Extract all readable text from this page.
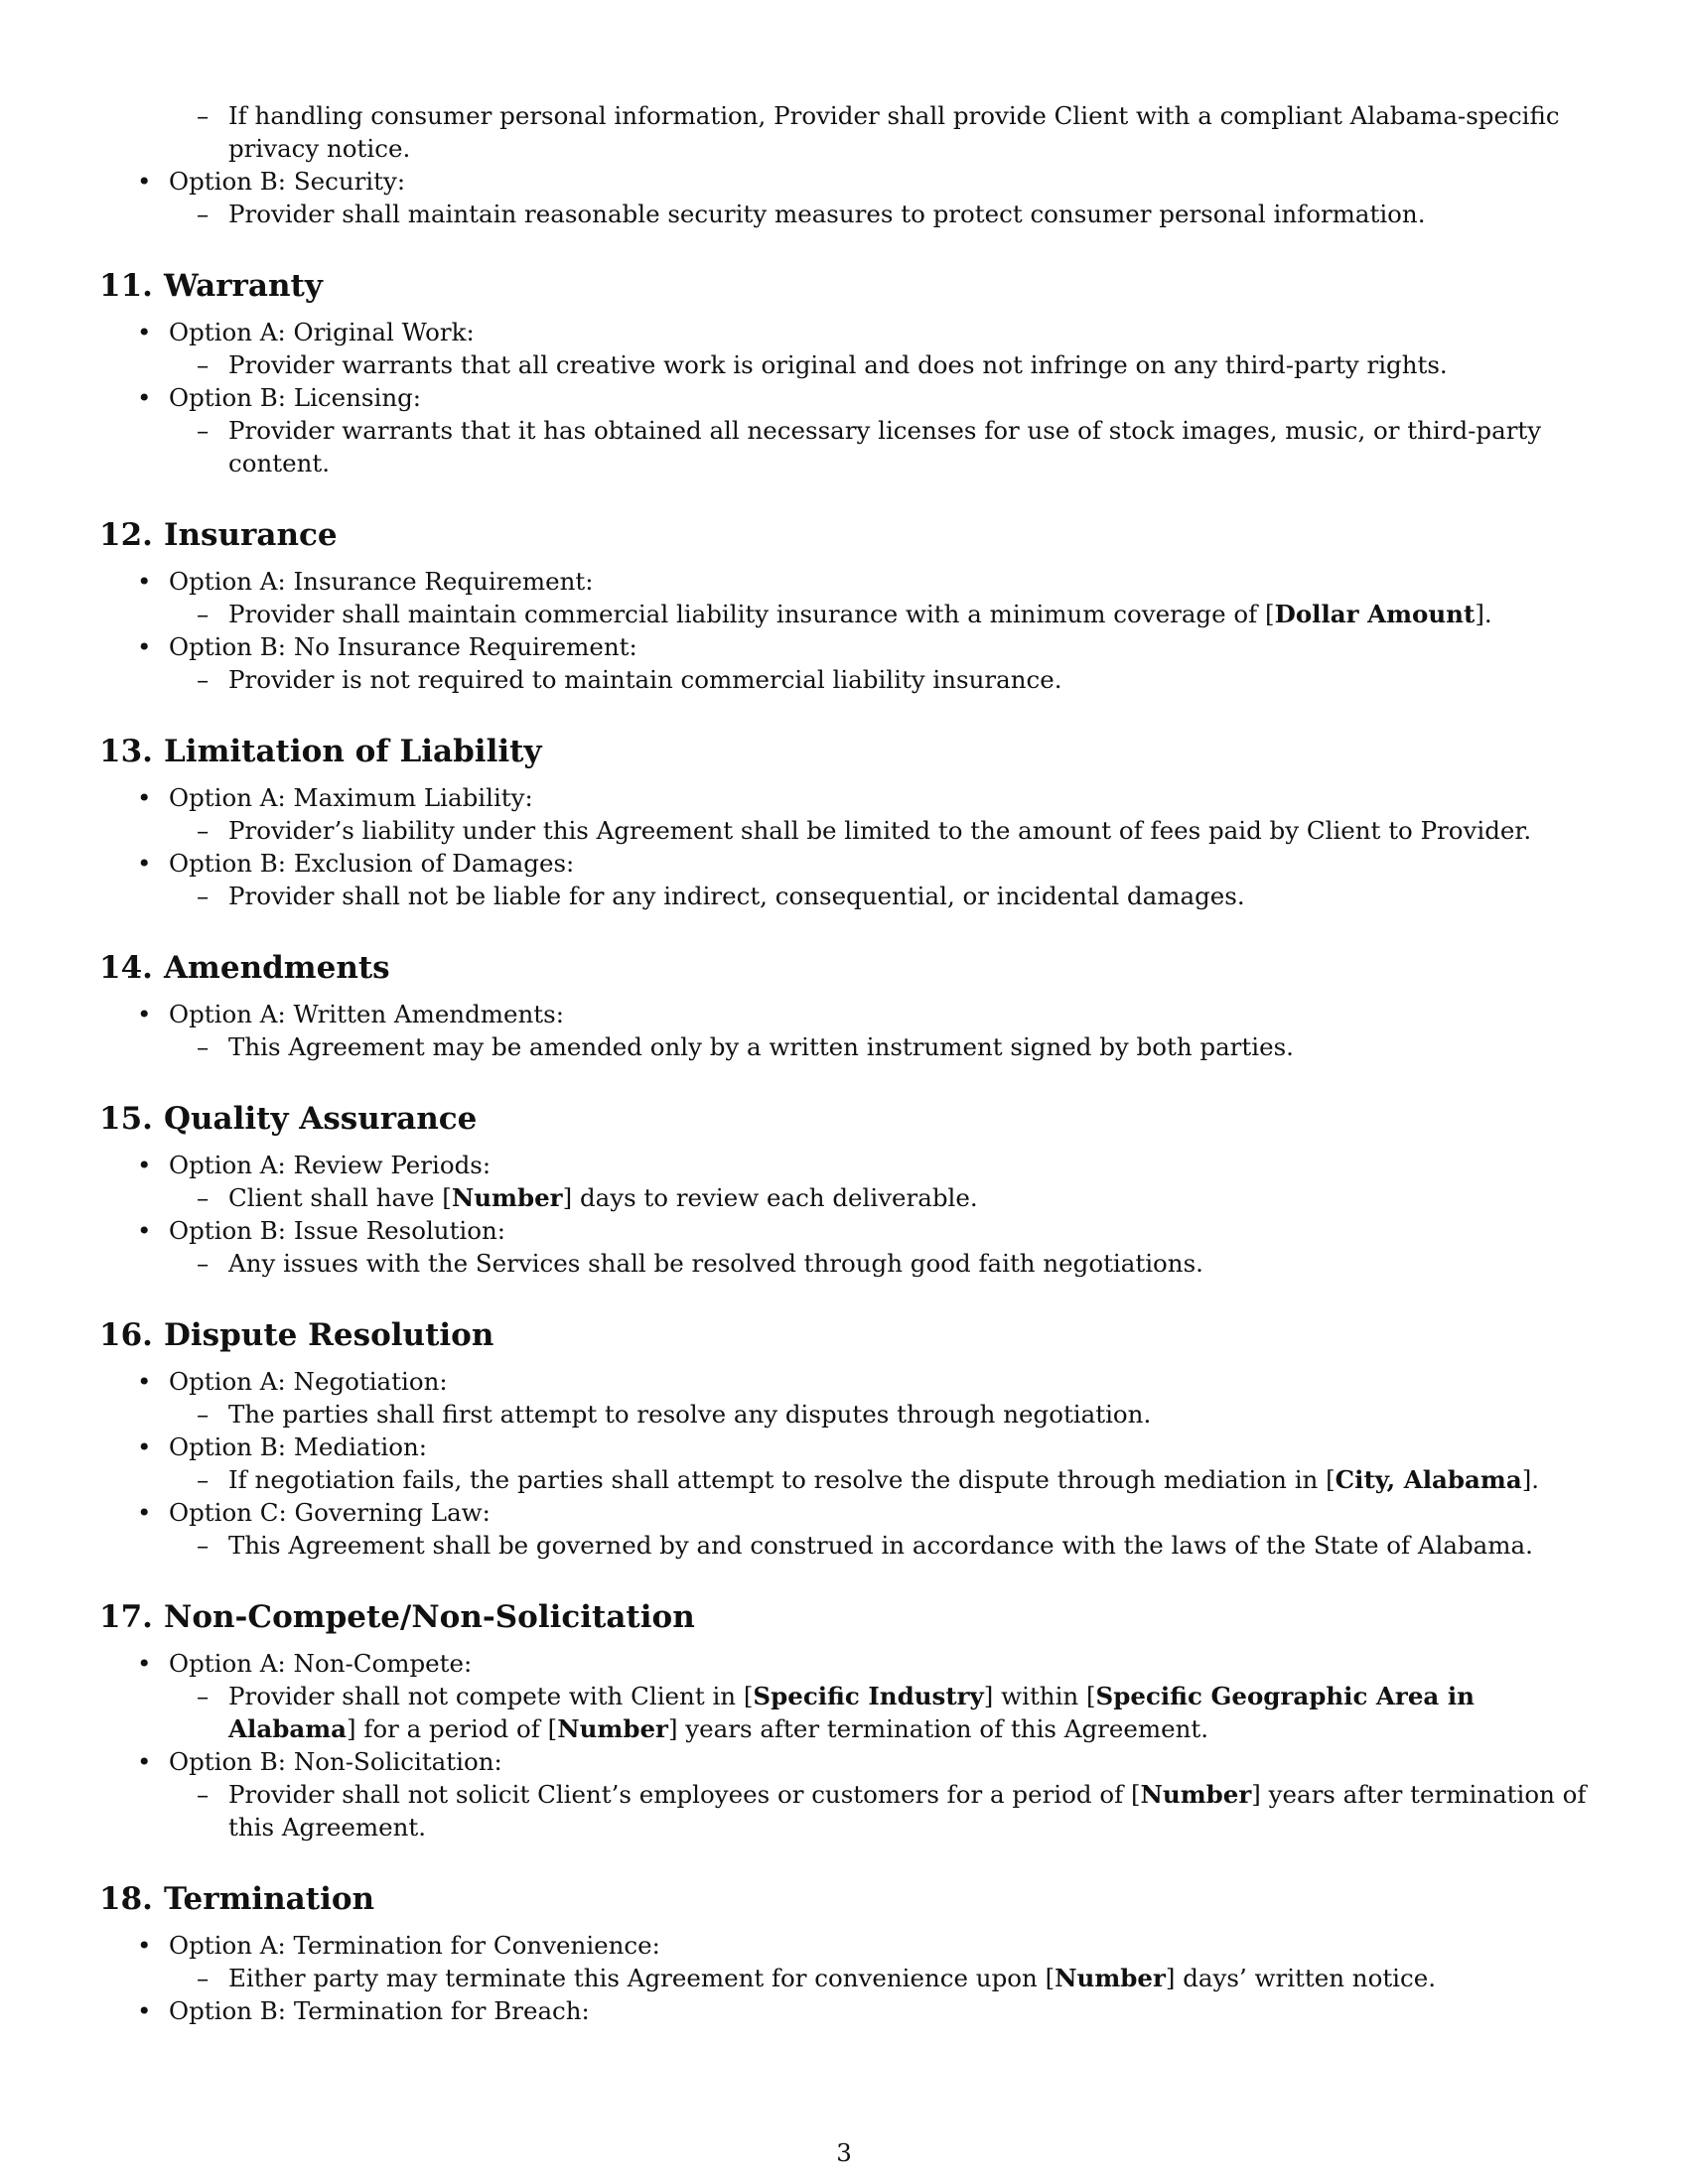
– If handling consumer personal information, Provider shall provide Client with a compliant Alabama-specific privacy notice.
• Option B: Security:
– Provider shall maintain reasonable security measures to protect consumer personal information.
11. Warranty
• Option A: Original Work:
– Provider warrants that all creative work is original and does not infringe on any third-party rights.
• Option B: Licensing:
– Provider warrants that it has obtained all necessary licenses for use of stock images, music, or third-party content.
12. Insurance
• Option A: Insurance Requirement:
– Provider shall maintain commercial liability insurance with a minimum coverage of [Dollar Amount].
• Option B: No Insurance Requirement:
– Provider is not required to maintain commercial liability insurance.
13. Limitation of Liability
• Option A: Maximum Liability:
– Provider’s liability under this Agreement shall be limited to the amount of fees paid by Client to Provider.
• Option B: Exclusion of Damages:
– Provider shall not be liable for any indirect, consequential, or incidental damages.
14. Amendments
• Option A: Written Amendments:
– This Agreement may be amended only by a written instrument signed by both parties.
15. Quality Assurance
• Option A: Review Periods:
– Client shall have [Number] days to review each deliverable.
• Option B: Issue Resolution:
– Any issues with the Services shall be resolved through good faith negotiations.
16. Dispute Resolution
• Option A: Negotiation:
– The parties shall first attempt to resolve any disputes through negotiation.
• Option B: Mediation:
– If negotiation fails, the parties shall attempt to resolve the dispute through mediation in [City, Alabama].
• Option C: Governing Law:
– This Agreement shall be governed by and construed in accordance with the laws of the State of Alabama.
17. Non-Compete/Non-Solicitation
• Option A: Non-Compete:
– Provider shall not compete with Client in [Specific Industry] within [Specific Geographic Area in Alabama] for a period of [Number] years after termination of this Agreement.
• Option B: Non-Solicitation:
– Provider shall not solicit Client’s employees or customers for a period of [Number] years after termination of this Agreement.
18. Termination
• Option A: Termination for Convenience:
– Either party may terminate this Agreement for convenience upon [Number] days’ written notice.
• Option B: Termination for Breach:
3
